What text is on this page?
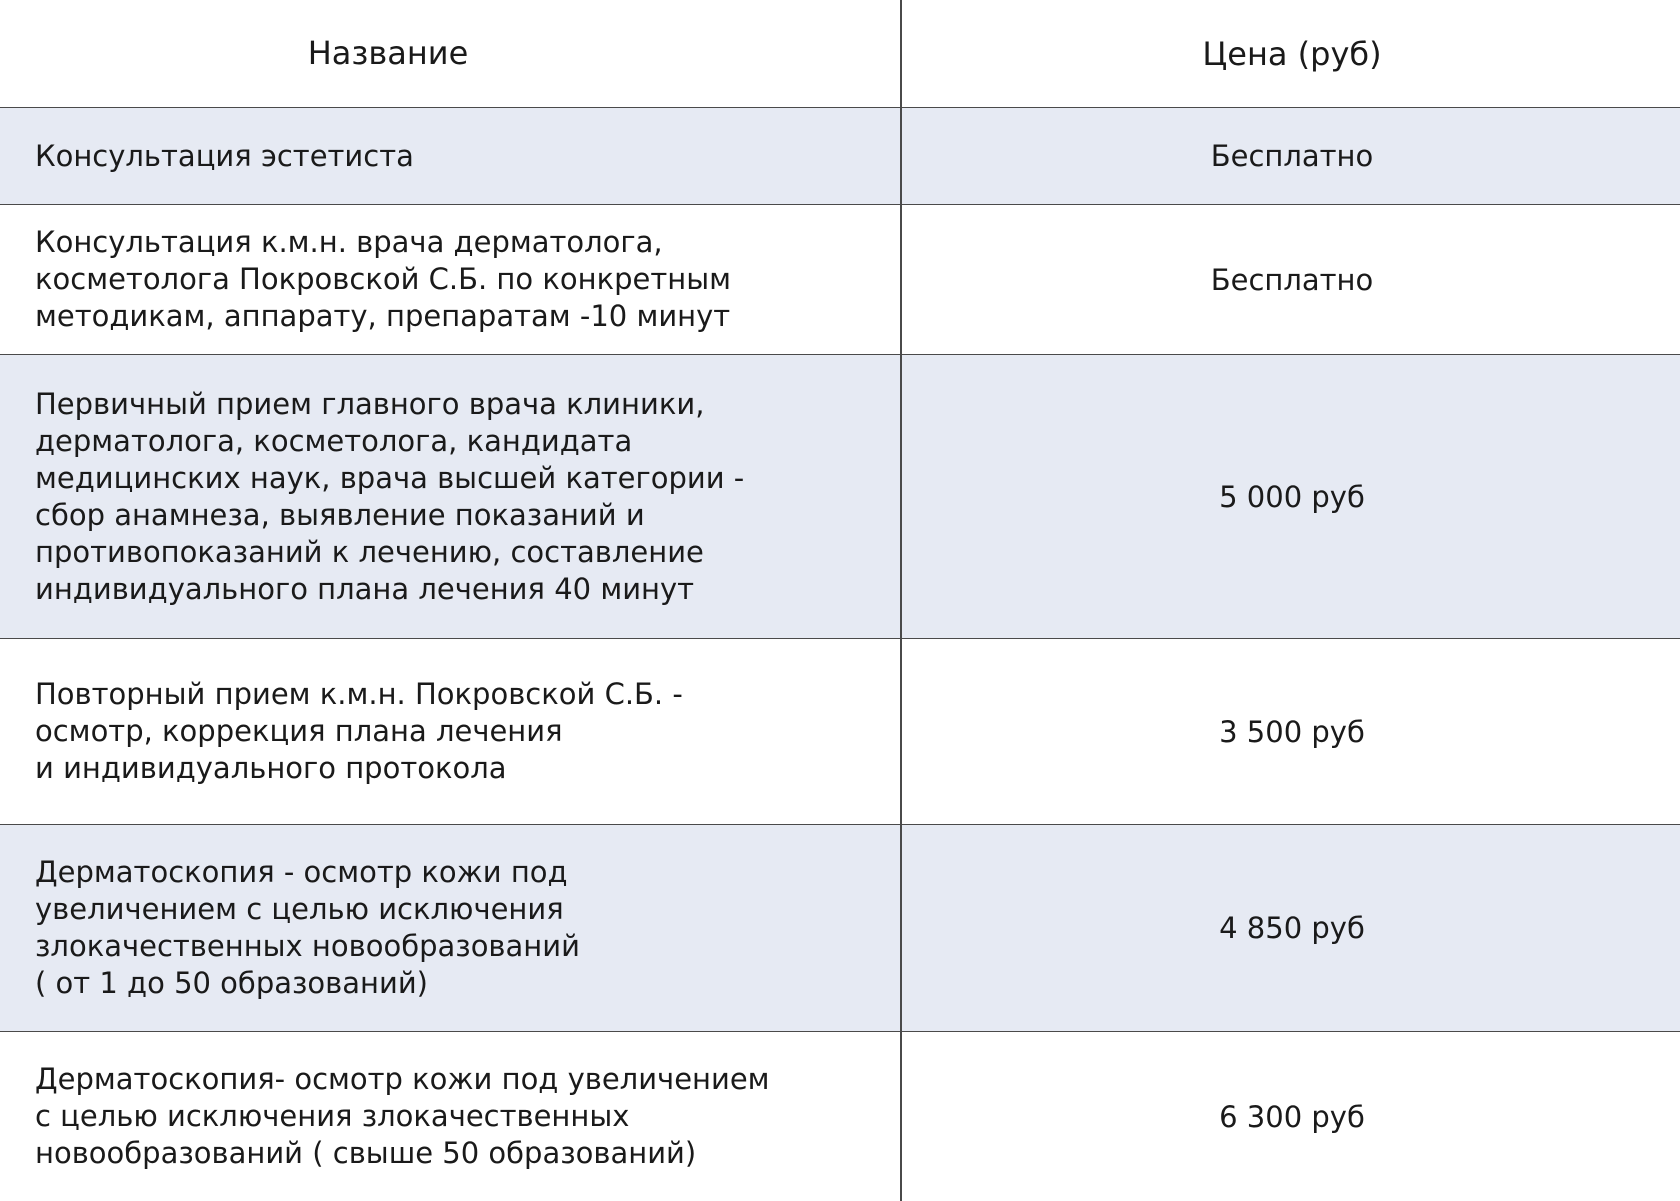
Название	Цена (руб)
Консультация эстетиста	Бесплатно
Консультация к.м.н. врача дерматолога,
косметолога Покровской С.Б. по конкретным
методикам, аппарату, препаратам -10 минут
Бесплатно
Первичный прием главного врача клиники,
дерматолога, косметолога, кандидата
медицинских наук, врача высшей категории -
сбор анамнеза, выявление показаний и
противопоказаний к лечению, составление
индивидуального плана лечения 40 минут
5 000 руб
Повторный прием к.м.н. Покровской С.Б. -
осмотр, коррекция плана лечения
и индивидуального протокола
3 500 руб
Дерматоскопия - осмотр кожи под
увеличением с целью исключения
злокачественных новообразований
( от 1 до 50 образований)
4 850 руб
Дерматоскопия- осмотр кожи под увеличением
с целью исключения злокачественных
новообразований ( свыше 50 образований)
6 300 руб
